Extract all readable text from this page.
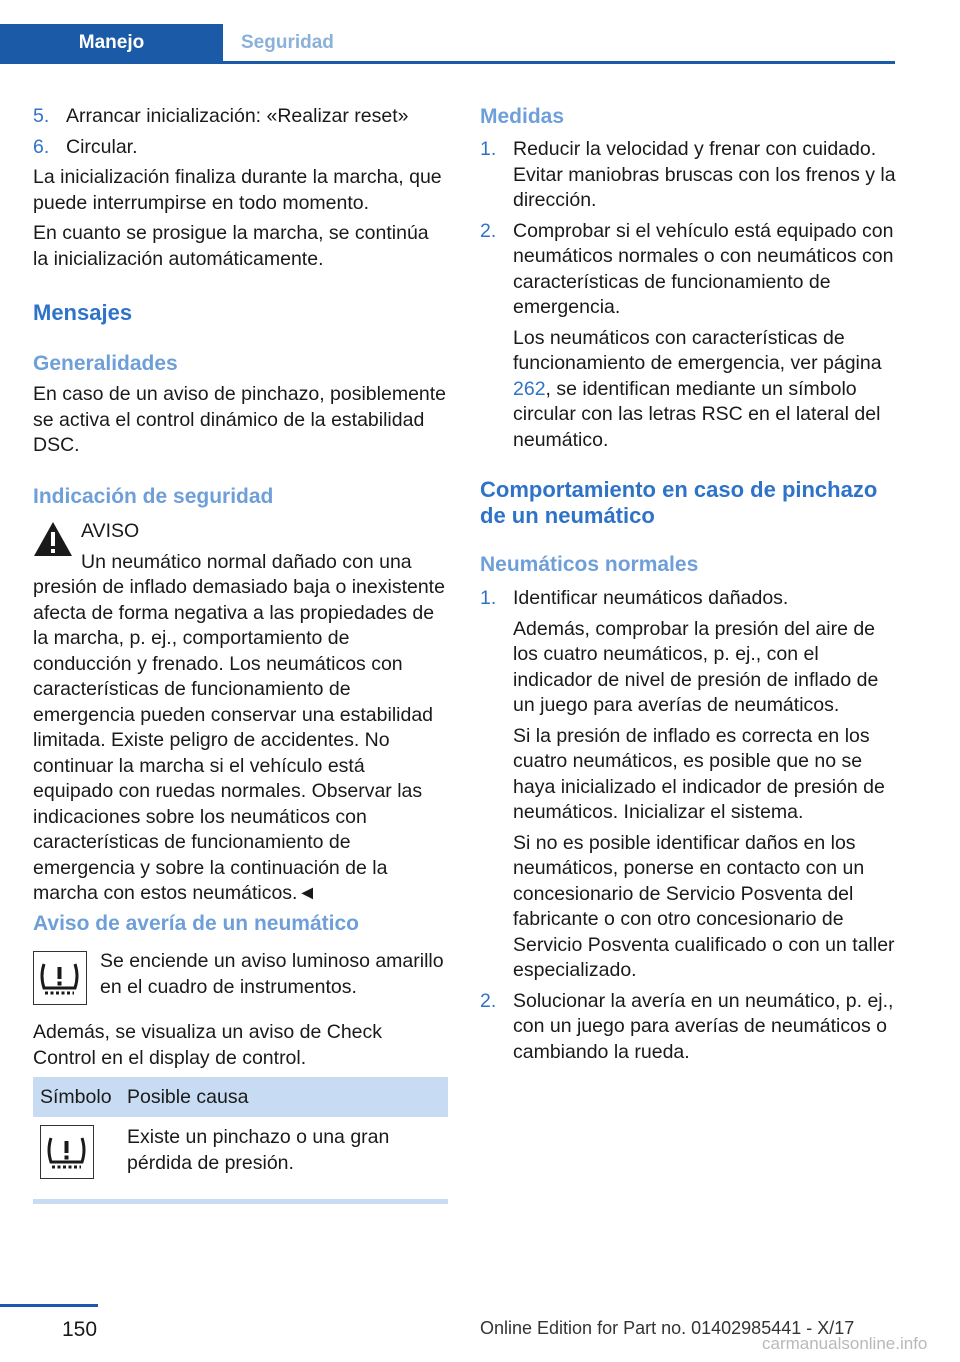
Manejo	Seguridad
5. Arrancar inicialización: «Realizar reset»
6. Circular.

La inicialización finaliza durante la marcha, que puede interrumpirse en todo momento.

En cuanto se prosigue la marcha, se continúa la inicialización automáticamente.

Mensajes
Generalidades

En caso de un aviso de pinchazo, posiblemente se activa el control dinámico de la estabilidad DSC.

Indicación de seguridad

AVISO

Un neumático normal dañado con una presión de inflado demasiado baja o inexistente afecta de forma negativa a las propiedades de la marcha, p. ej., comportamiento de conducción y frenado. Los neumáticos con características de funcionamiento de emergencia pueden conservar una estabilidad limitada. Existe peligro de accidentes. No continuar la marcha si el vehículo está equipado con ruedas normales. Observar las indicaciones sobre los neumáticos con características de funcionamiento de emergencia y sobre la continuación de la marcha con estos neumáticos.◄

Aviso de avería de un neumático

Se enciende un aviso luminoso amarillo en el cuadro de instrumentos.

Además, se visualiza un aviso de Check Control en el display de control.

Símbolo	Posible causa

	Existe un pinchazo o una gran pérdida de presión.
Medidas
1. Reducir la velocidad y frenar con cuidado. Evitar maniobras bruscas con los frenos y la dirección.
2. Comprobar si el vehículo está equipado con neumáticos normales o con neumáticos con características de funcionamiento de emergencia.

Los neumáticos con características de funcionamiento de emergencia, ver página 262, se identifican mediante un símbolo circular con las letras RSC en el lateral del neumático.

Comportamiento en caso de pinchazo de un neumático
Neumáticos normales
1. Identificar neumáticos dañados.

Además, comprobar la presión del aire de los cuatro neumáticos, p. ej., con el indicador de nivel de presión de inflado de un juego para averías de neumáticos.

Si la presión de inflado es correcta en los cuatro neumáticos, es posible que no se haya inicializado el indicador de presión de neumáticos. Inicializar el sistema.

Si no es posible identificar daños en los neumáticos, ponerse en contacto con un concesionario de Servicio Posventa del fabricante o con otro concesionario de Servicio Posventa cualificado o con un taller especializado.

2. Solucionar la avería en un neumático, p. ej., con un juego para averías de neumáticos o cambiando la rueda.
150	Online Edition for Part no. 01402985441 - X/17
carmanualsonline.info
